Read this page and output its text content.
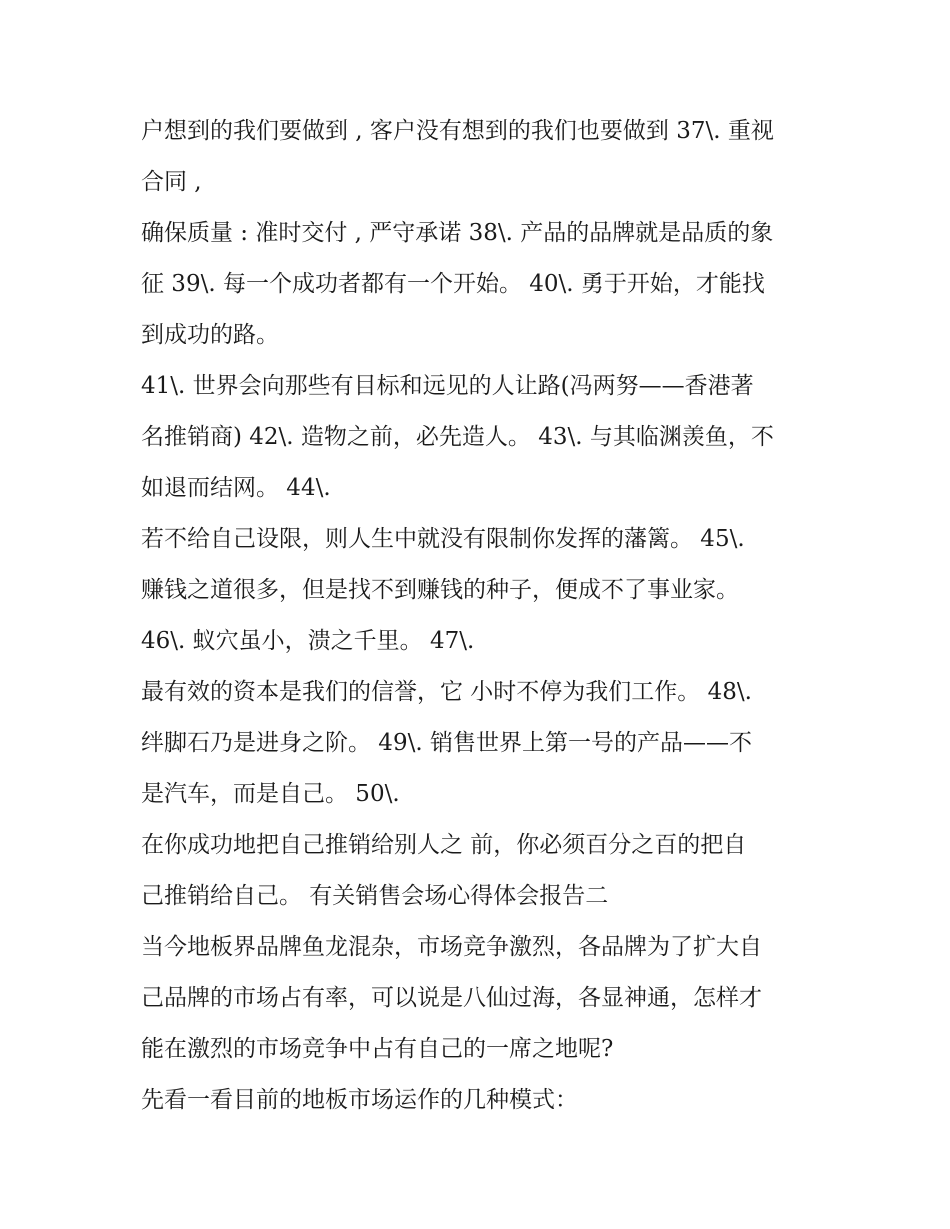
户想到的我们要做到 , 客户没有想到的我们也要做到 37\. 重视
合同 ,
确保质量 : 准时交付 , 严守承诺 38\. 产品的品牌就是品质的象
征 39\. 每一个成功者都有一个开始。 40\. 勇于开始，才能找
到成功的路。
41\. 世界会向那些有目标和远见的人让路(冯两努——香港著
名推销商) 42\. 造物之前，必先造人。 43\. 与其临渊羡鱼，不
如退而结网。 44\.
若不给自己设限，则人生中就没有限制你发挥的藩篱。 45\.
赚钱之道很多，但是找不到赚钱的种子，便成不了事业家。
46\. 蚁穴虽小，溃之千里。 47\.
最有效的资本是我们的信誉，它 小时不停为我们工作。 48\.
绊脚石乃是进身之阶。 49\. 销售世界上第一号的产品——不
是汽车，而是自己。 50\.
在你成功地把自己推销给别人之 前，你必须百分之百的把自
己推销给自己。 有关销售会场心得体会报告二
当今地板界品牌鱼龙混杂，市场竞争激烈，各品牌为了扩大自
己品牌的市场占有率，可以说是八仙过海，各显神通，怎样才
能在激烈的市场竞争中占有自己的一席之地呢?
先看一看目前的地板市场运作的几种模式：
